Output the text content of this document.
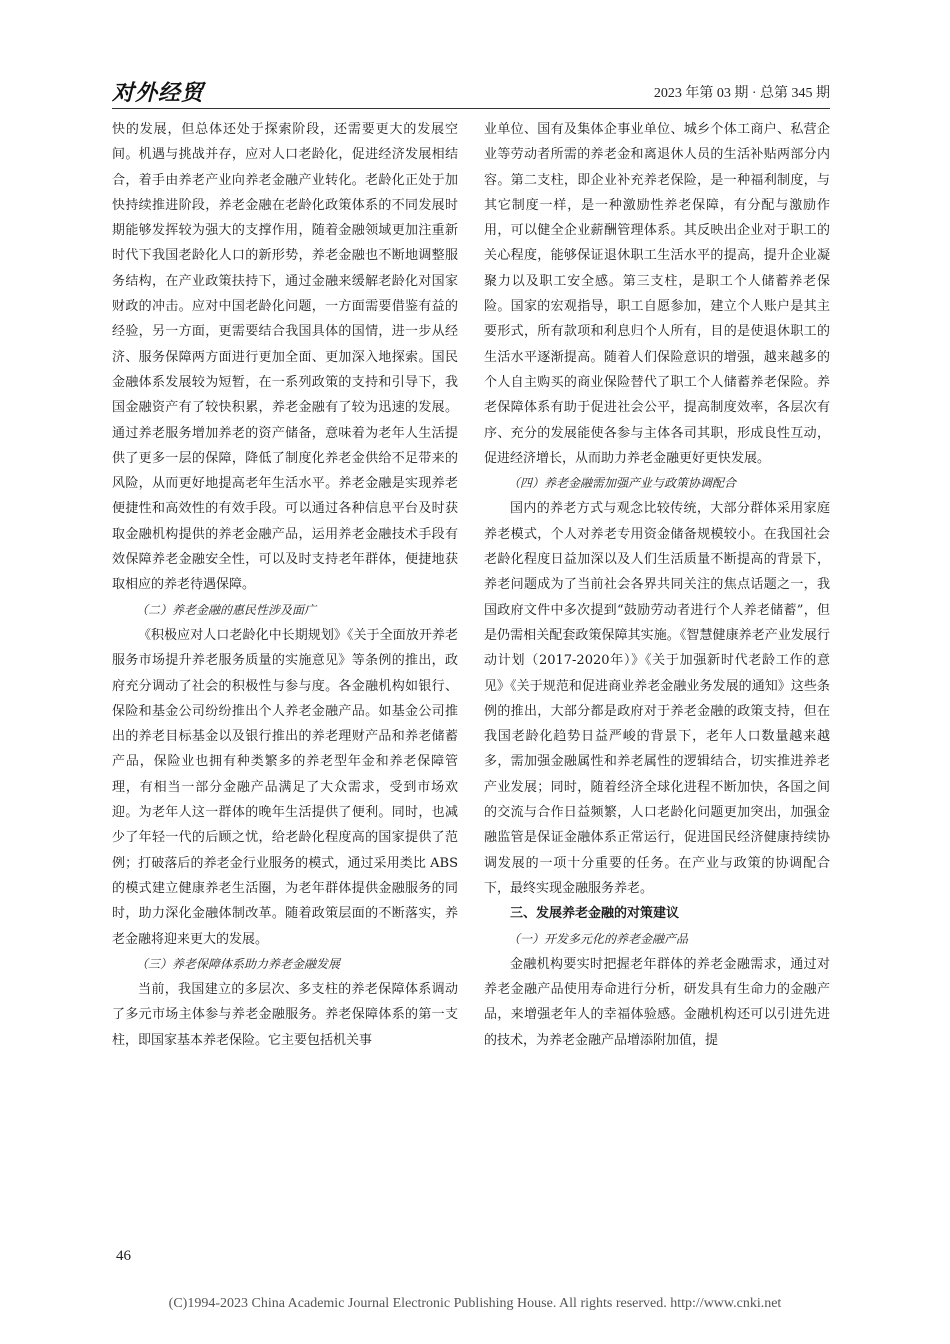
对外经贸	2023 年第 03 期 · 总第 345 期

快的发展，但总体还处于探索阶段，还需要更大的发展空间。机遇与挑战并存，应对人口老龄化，促进经济发展相结合，着手由养老产业向养老金融产业转化。老龄化正处于加快持续推进阶段，养老金融在老龄化政策体系的不同发展时期能够发挥较为强大的支撑作用，随着金融领域更加注重新时代下我国老龄化人口的新形势，养老金融也不断地调整服务结构，在产业政策扶持下，通过金融来缓解老龄化对国家财政的冲击。应对中国老龄化问题，一方面需要借鉴有益的经验，另一方面，更需要结合我国具体的国情，进一步从经济、服务保障两方面进行更加全面、更加深入地探索。国民金融体系发展较为短暂，在一系列政策的支持和引导下，我国金融资产有了较快积累，养老金融有了较为迅速的发展。通过养老服务增加养老的资产储备，意味着为老年人生活提供了更多一层的保障，降低了制度化养老金供给不足带来的风险，从而更好地提高老年生活水平。养老金融是实现养老便捷性和高效性的有效手段。可以通过各种信息平台及时获取金融机构提供的养老金融产品，运用养老金融技术手段有效保障养老金融安全性，可以及时支持老年群体，便捷地获取相应的养老待遇保障。

（二）养老金融的惠民性涉及面广

《积极应对人口老龄化中长期规划》《关于全面放开养老服务市场提升养老服务质量的实施意见》等条例的推出，政府充分调动了社会的积极性与参与度。各金融机构如银行、保险和基金公司纷纷推出个人养老金融产品。如基金公司推出的养老目标基金以及银行推出的养老理财产品和养老储蓄产品，保险业也拥有种类繁多的养老型年金和养老保障管理，有相当一部分金融产品满足了大众需求，受到市场欢迎。为老年人这一群体的晚年生活提供了便利。同时，也减少了年轻一代的后顾之忧，给老龄化程度高的国家提供了范例；打破落后的养老金行业服务的模式，通过采用类比 ABS 的模式建立健康养老生活圈，为老年群体提供金融服务的同时，助力深化金融体制改革。随着政策层面的不断落实，养老金融将迎来更大的发展。

（三）养老保障体系助力养老金融发展

当前，我国建立的多层次、多支柱的养老保障体系调动了多元市场主体参与养老金融服务。养老保障体系的第一支柱，即国家基本养老保险。它主要包括机关事

业单位、国有及集体企事业单位、城乡个体工商户、私营企业等劳动者所需的养老金和离退休人员的生活补贴两部分内容。第二支柱，即企业补充养老保险，是一种福利制度，与其它制度一样，是一种激励性养老保障，有分配与激励作用，可以健全企业薪酬管理体系。其反映出企业对于职工的关心程度，能够保证退休职工生活水平的提高，提升企业凝聚力以及职工安全感。第三支柱，是职工个人储蓄养老保险。国家的宏观指导，职工自愿参加，建立个人账户是其主要形式，所有款项和利息归个人所有，目的是使退休职工的生活水平逐渐提高。随着人们保险意识的增强，越来越多的个人自主购买的商业保险替代了职工个人储蓄养老保险。养老保障体系有助于促进社会公平，提高制度效率，各层次有序、充分的发展能使各参与主体各司其职，形成良性互动，促进经济增长，从而助力养老金融更好更快发展。

（四）养老金融需加强产业与政策协调配合

国内的养老方式与观念比较传统，大部分群体采用家庭养老模式，个人对养老专用资金储备规模较小。在我国社会老龄化程度日益加深以及人们生活质量不断提高的背景下，养老问题成为了当前社会各界共同关注的焦点话题之一，我国政府文件中多次提到“鼓励劳动者进行个人养老储蓄”，但是仍需相关配套政策保障其实施。《智慧健康养老产业发展行动计划（2017-2020年）》《关于加强新时代老龄工作的意见》《关于规范和促进商业养老金融业务发展的通知》这些条例的推出，大部分都是政府对于养老金融的政策支持，但在我国老龄化趋势日益严峻的背景下，老年人口数量越来越多，需加强金融属性和养老属性的逻辑结合，切实推进养老产业发展；同时，随着经济全球化进程不断加快，各国之间的交流与合作日益频繁，人口老龄化问题更加突出，加强金融监管是保证金融体系正常运行，促进国民经济健康持续协调发展的一项十分重要的任务。在产业与政策的协调配合下，最终实现金融服务养老。

三、发展养老金融的对策建议
（一）开发多元化的养老金融产品

金融机构要实时把握老年群体的养老金融需求，通过对养老金融产品使用寿命进行分析，研发具有生命力的金融产品，来增强老年人的幸福体验感。金融机构还可以引进先进的技术，为养老金融产品增添附加值，提

46
(C)1994-2023 China Academic Journal Electronic Publishing House. All rights reserved. http://www.cnki.net
